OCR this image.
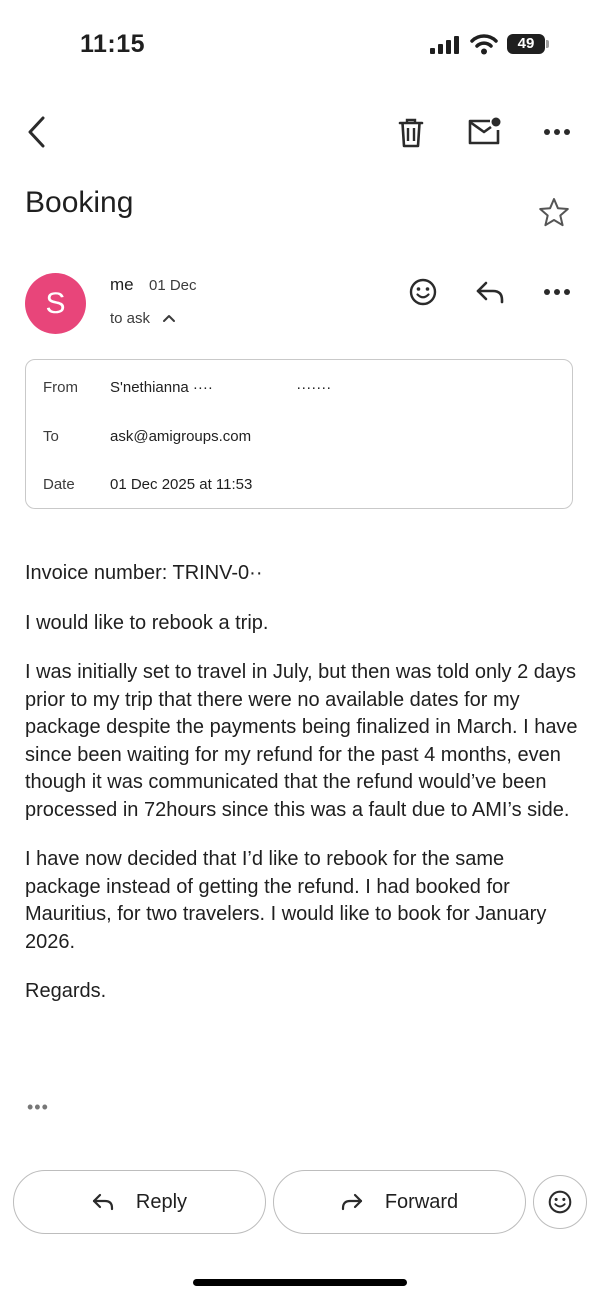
11:15	49
Booking
S
me 01 Dec
to ask
From S'nethianna ····                    ·······
To	ask@amigroups.com
Date 01 Dec 2025 at 11:53

Invoice number: TRINV-0··

I would like to rebook a trip.

I was initially set to travel in July, but then was told only 2 days prior to my trip that there were no available dates for my package despite the payments being finalized in March. I have since been waiting for my refund for the past 4 months, even though it was communicated that the refund would’ve been processed in 72hours since this was a fault due to AMI’s side.

I have now decided that I’d like to rebook for the same package instead of getting the refund. I had booked for Mauritius, for two travelers. I would like to book for January 2026.

Regards.

•••
Reply	Forward
